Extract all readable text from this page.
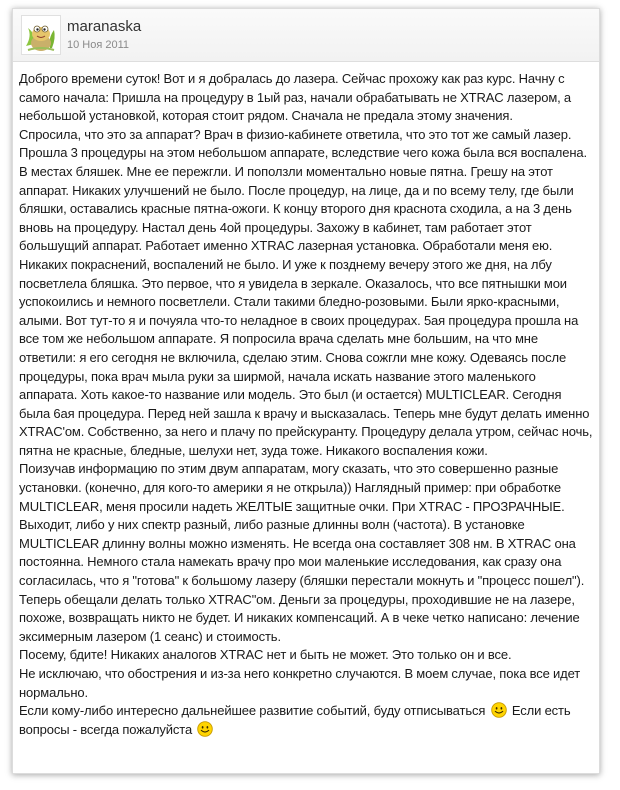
maranaska
10 Ноя 2011
Доброго времени суток! Вот и я добралась до лазера. Сейчас прохожу как раз курс. Начну с самого начала: Пришла на процедуру в 1ый раз, начали обрабатывать не XTRAC лазером, а небольшой установкой, которая стоит рядом. Сначала не предала этому значения.
Спросила, что это за аппарат? Врач в физио-кабинете ответила, что это тот же самый лазер. Прошла 3 процедуры на этом небольшом аппарате, вследствие чего кожа была вся воспалена. В местах бляшек. Мне ее пережгли. И поползли моментально новые пятна. Грешу на этот аппарат. Никаких улучшений не было. После процедур, на лице, да и по всему телу, где были бляшки, оставались красные пятна-ожоги. К концу второго дня краснота сходила, а на 3 день вновь на процедуру. Настал день 4ой процедуры. Захожу в кабинет, там работает этот большущий аппарат. Работает именно XTRAC лазерная установка. Обработали меня ею. Никаких покраснений, воспалений не было. И уже к позднему вечеру этого же дня, на лбу посветлела бляшка. Это первое, что я увидела в зеркале. Оказалось, что все пятнышки мои успокоились и немного посветлели. Стали такими бледно-розовыми. Были ярко-красными, алыми. Вот тут-то я и почуяла что-то неладное в своих процедурах. 5ая процедура прошла на все том же небольшом аппарате. Я попросила врача сделать мне большим, на что мне ответили: я его сегодня не включила, сделаю этим. Снова сожгли мне кожу. Одеваясь после процедуры, пока врач мыла руки за ширмой, начала искать название этого маленького аппарата. Хоть какое-то название или модель. Это был (и остается) MULTICLEAR. Сегодня была 6ая процедура. Перед ней зашла к врачу и высказалась. Теперь мне будут делать именно XTRAC'ом. Собственно, за него и плачу по прейскуранту. Процедуру делала утром, сейчас ночь, пятна не красные, бледные, шелухи нет, зуда тоже. Никакого воспаления кожи.
Поизучав информацию по этим двум аппаратам, могу сказать, что это совершенно разные установки. (конечно, для кого-то америки я не открыла)) Наглядный пример: при обработке MULTICLEAR, меня просили надеть ЖЕЛТЫЕ защитные очки. При XTRAC - ПРОЗРАЧНЫЕ. Выходит, либо у них спектр разный, либо разные длинны волн (частота). В установке MULTICLEAR длинну волны можно изменять. Не всегда она составляет 308 нм. В XTRAC она постоянна. Немного стала намекать врачу про мои маленькие исследования, как сразу она согласилась, что я "готова" к большому лазеру (бляшки перестали мокнуть и "процесс пошел"). Теперь обещали делать только XTRAC"ом. Деньги за процедуры, проходившие не на лазере, похоже, возвращать никто не будет. И никаких компенсаций. А в чеке четко написано: лечение эксимерным лазером (1 сеанс) и стоимость.
Посему, бдите! Никаких аналогов XTRAC нет и быть не может. Это только он и все.
Не исключаю, что обострения и из-за него конкретно случаются. В моем случае, пока все идет нормально.
Если кому-либо интересно дальнейшее развитие событий, буду отписываться  Если есть вопросы - всегда пожалуйста
